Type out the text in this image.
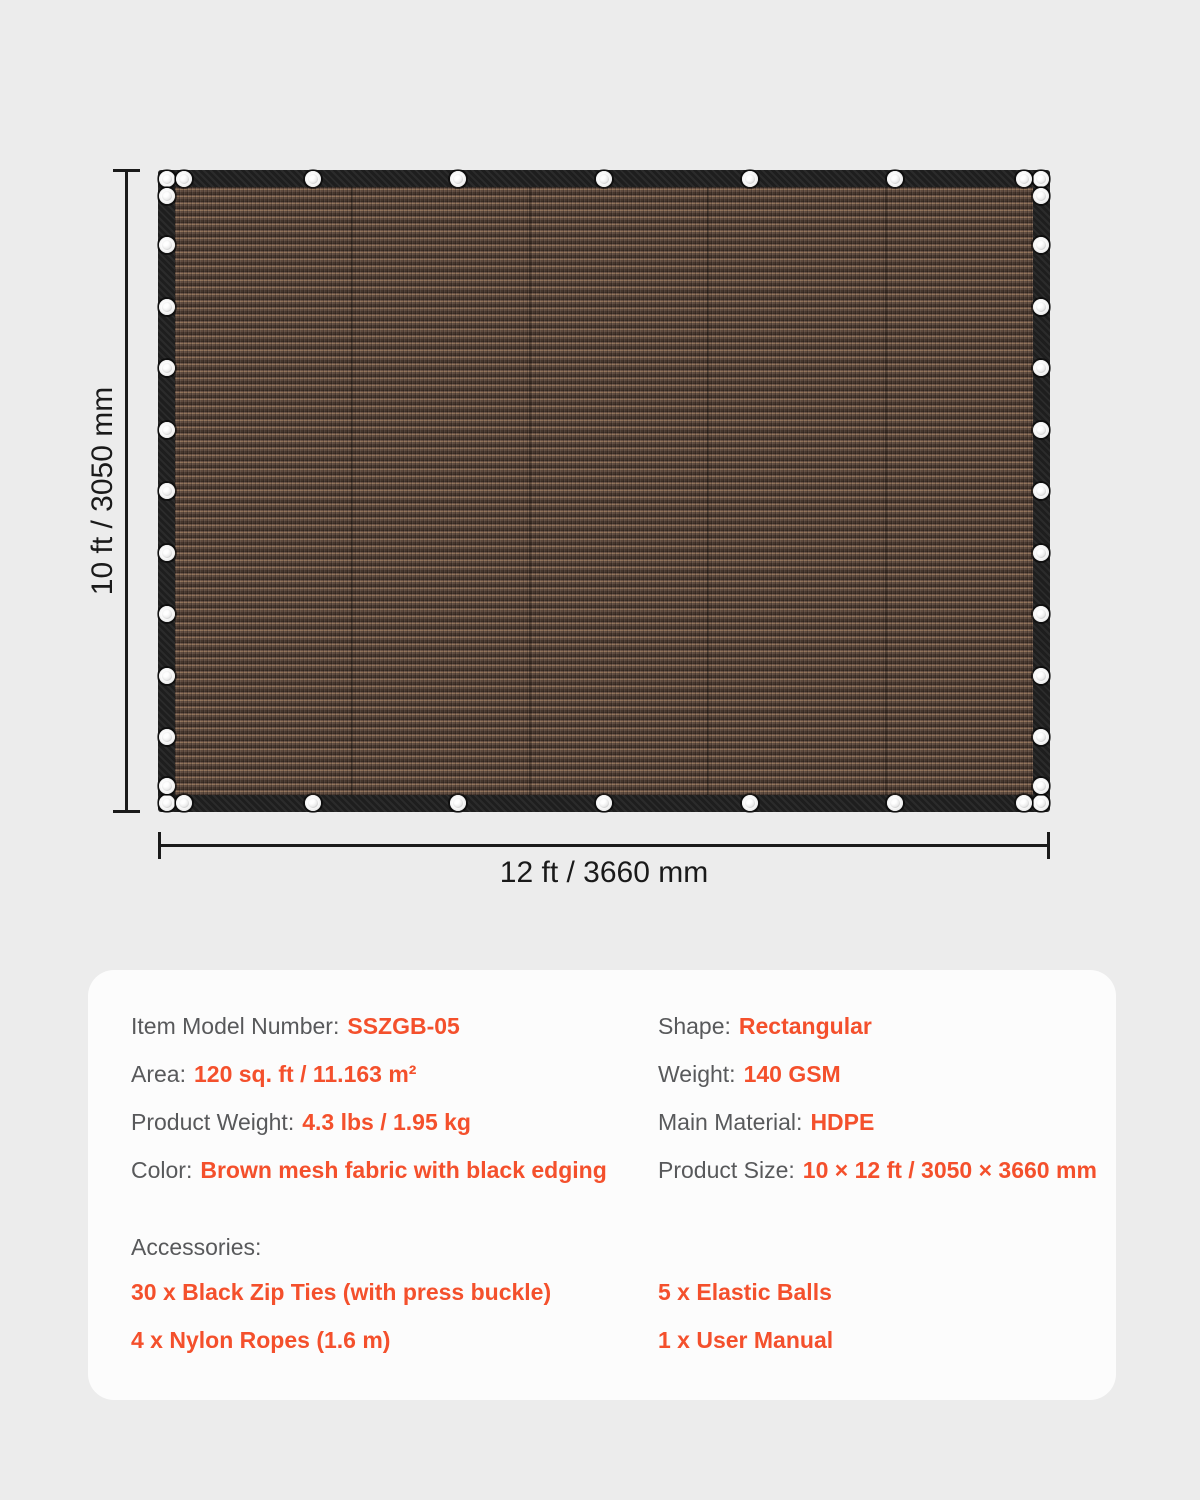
10 ft / 3050 mm
12 ft / 3660 mm
Item Model Number: SSZGB-05
Area: 120 sq. ft / 11.163 m²
Product Weight: 4.3 lbs / 1.95 kg
Color: Brown mesh fabric with black edging
Shape: Rectangular
Weight: 140 GSM
Main Material: HDPE
Product Size: 10 × 12 ft / 3050 × 3660 mm
Accessories:
30 x Black Zip Ties (with press buckle)
4 x Nylon Ropes (1.6 m)
5 x Elastic Balls
1 x User Manual
